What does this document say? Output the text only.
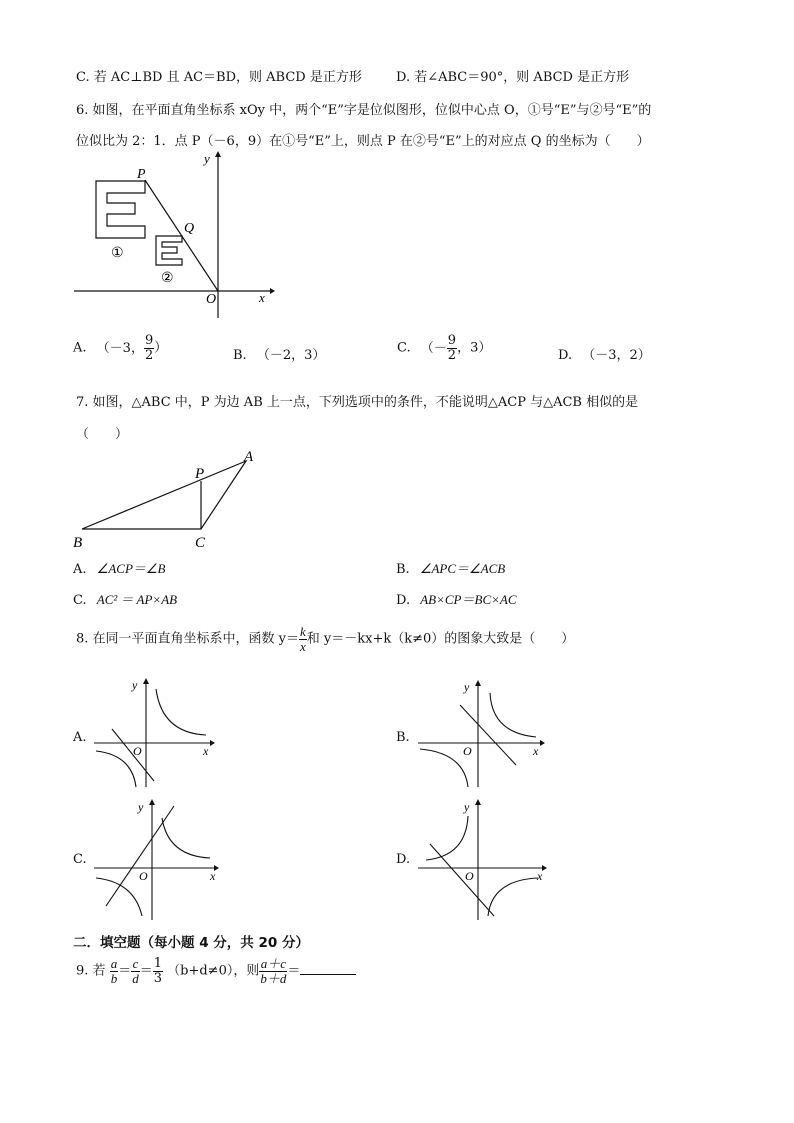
C. 若 AC⊥BD 且 AC＝BD，则 ABCD 是正方形	D. 若∠ABC＝90°，则 ABCD 是正方形
6. 如图，在平面直角坐标系 xOy 中，两个“E”字是位似图形，位似中心点 O，①号“E”与②号“E”的
位似比为 2：1．点 P（－6，9）在①号“E”上，则点 P 在②号“E”上的对应点 Q 的坐标为（　　）
P
Q
O	x
y
①
②
A. （－3， $\frac{9}{2}$ ）	B. （－2，3）	C. （－ $\frac{9}{2}$ ，3）	D. （－3，2）
7. 如图，△ABC 中，P 为边 AB 上一点，下列选项中的条件，不能说明△ACP 与△ACB 相似的是
（　　）
B	C
A
P
A. ∠ACP＝∠B	B. ∠APC＝∠ACB
C. AC² ＝ AP×AB	D. AB×CP＝BC×AC
8. 在同一平面直角坐标系中，函数 $y= \frac{k}{x}$ 和 y＝－kx+k（k≠0）的图象大致是（　　）
A.
O	x
y
B.
O	x
y
C.
O	x
y
D.
O	x
y
二．填空题（每小题 4 分，共 20 分）
9. 若 $\frac{a}{b} = \frac{c}{d} = \frac{1}{3} (b+d\ne 0)$，则 $\frac{a+c}{b+d}$ ＝
